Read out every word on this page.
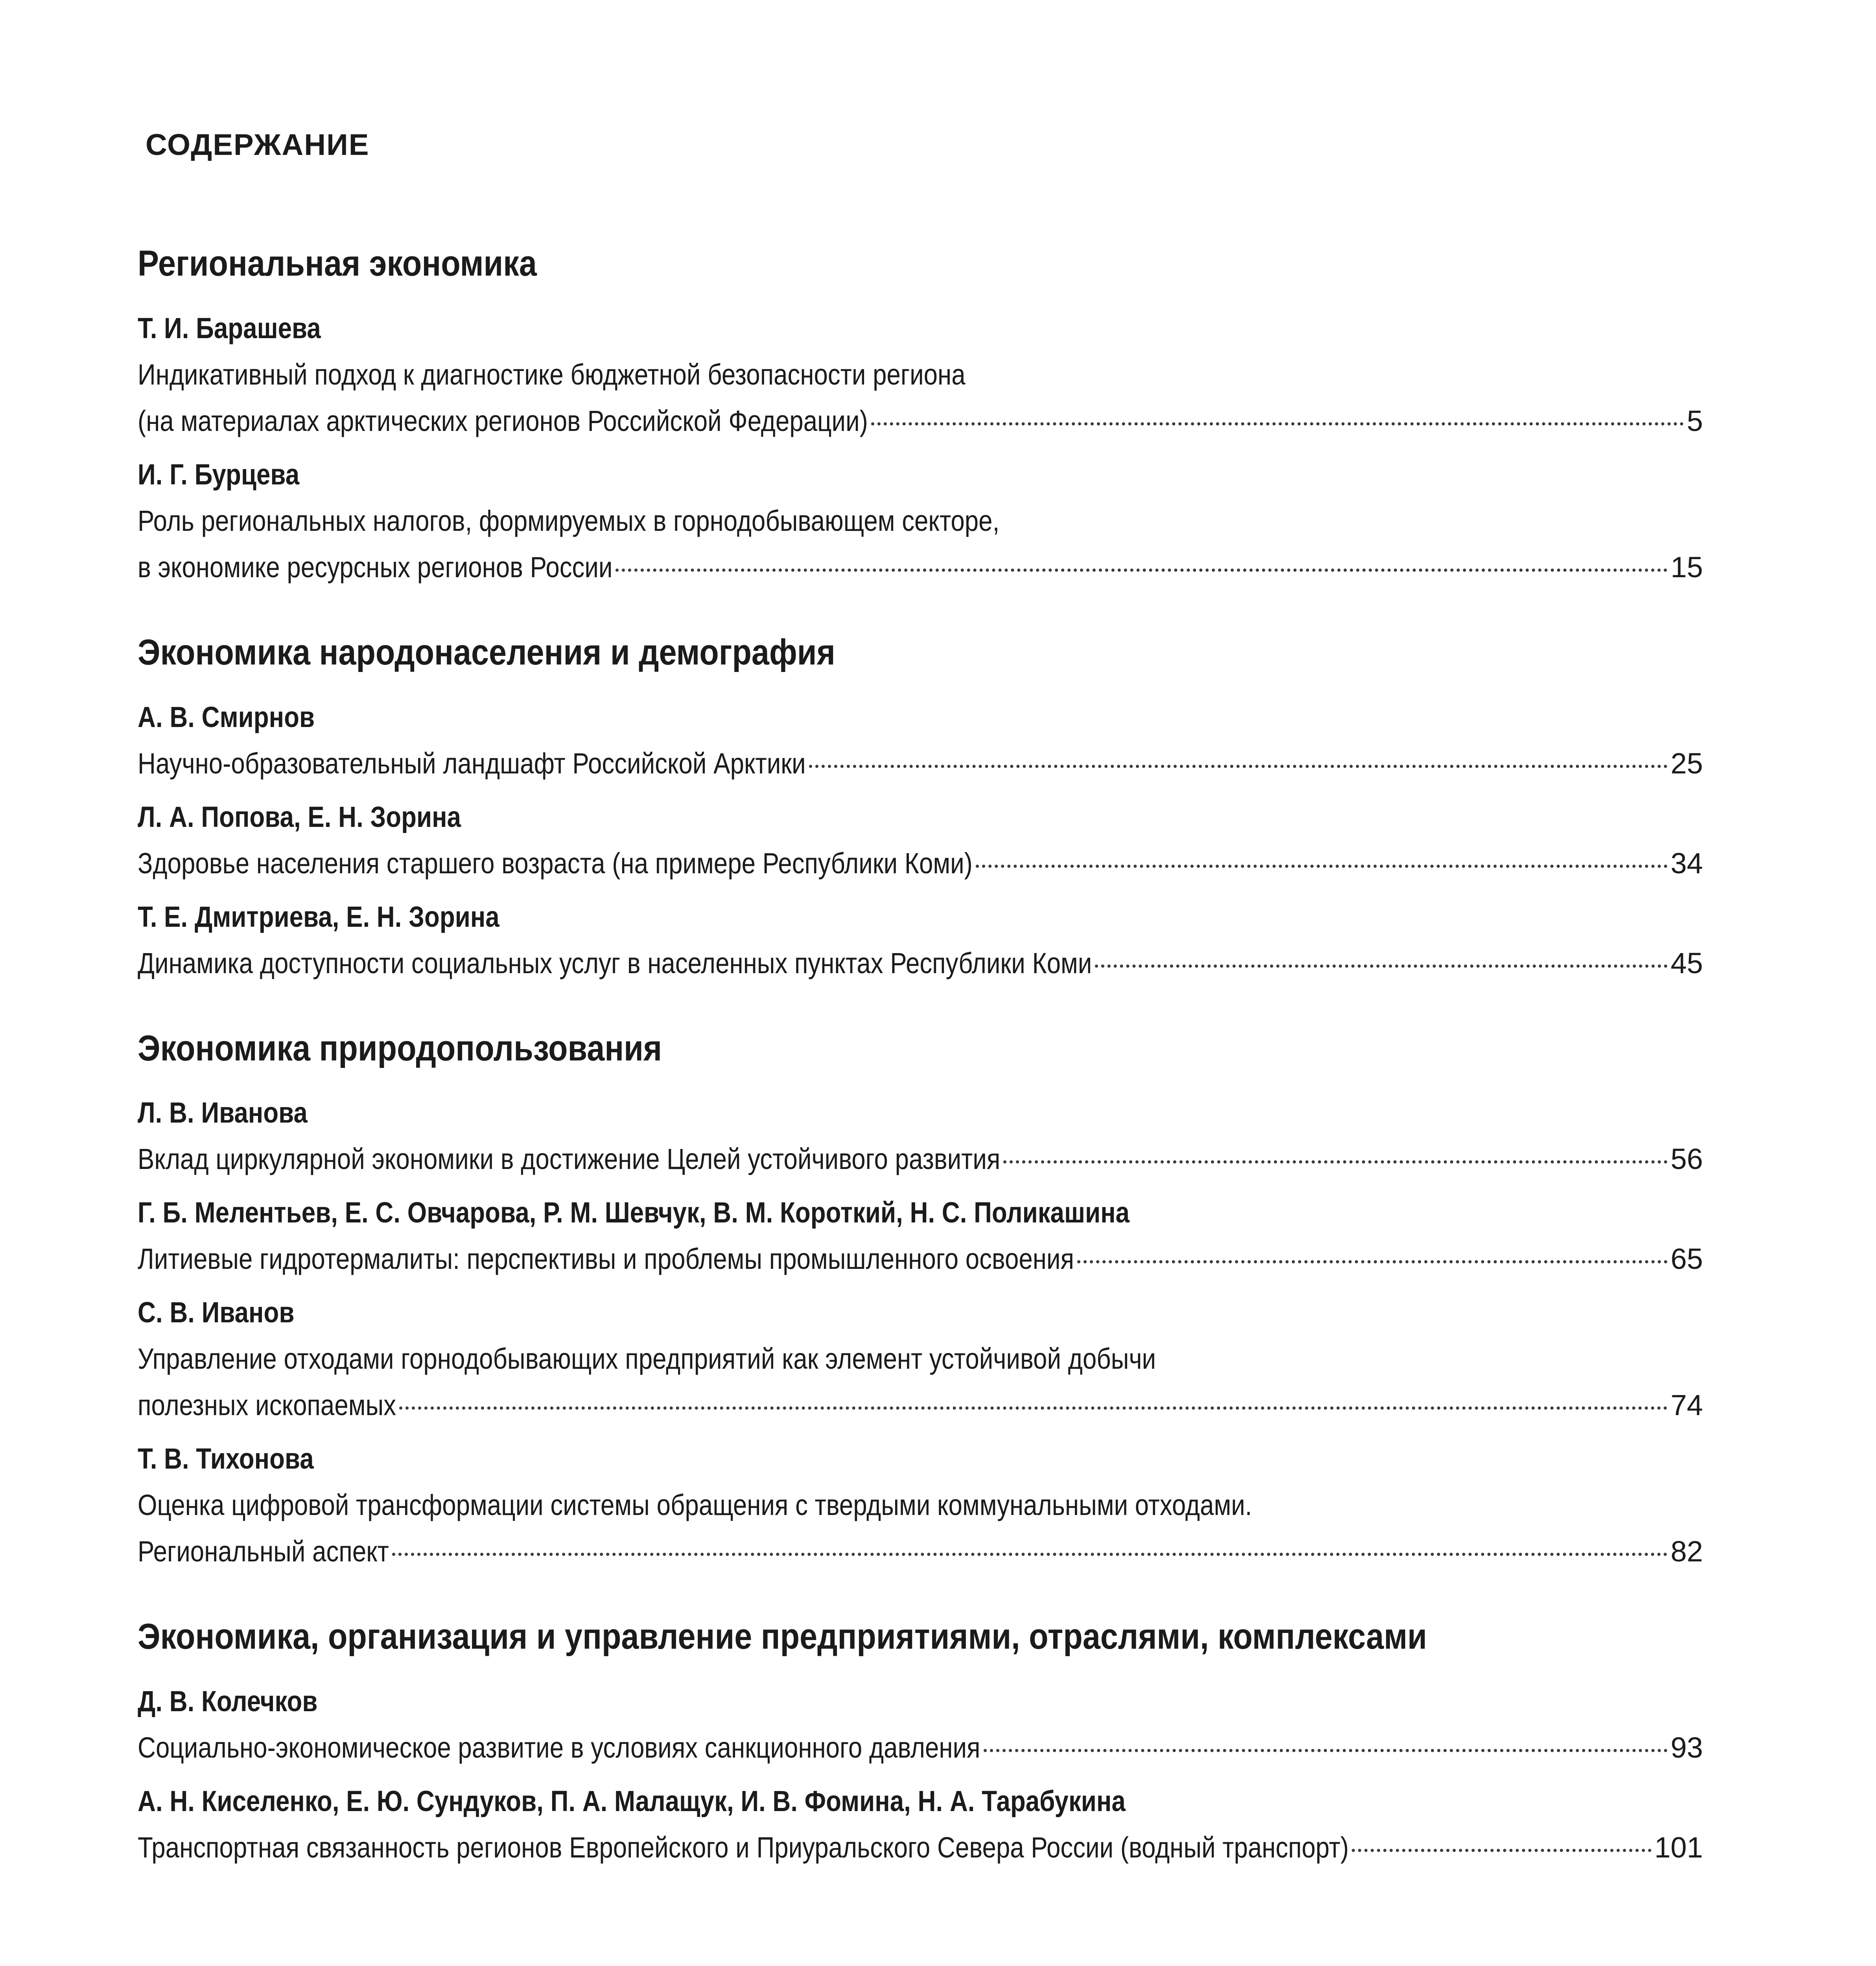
СОДЕРЖАНИЕ
Региональная экономика
Т. И. Барашева
Индикативный подход к диагностике бюджетной безопасности региона
(на материалах арктических регионов Российской Федерации)	5
И. Г. Бурцева
Роль региональных налогов, формируемых в горнодобывающем секторе,
в экономике ресурсных регионов России	15
Экономика народонаселения и демография
А. В. Смирнов
Научно-образовательный ландшафт Российской Арктики	25
Л. А. Попова, Е. Н. Зорина
Здоровье населения старшего возраста (на примере Республики Коми)	34
Т. Е. Дмитриева, Е. Н. Зорина
Динамика доступности социальных услуг в населенных пунктах Республики Коми	45
Экономика природопользования
Л. В. Иванова
Вклад циркулярной экономики в достижение Целей устойчивого развития	56
Г. Б. Мелентьев, Е. С. Овчарова, Р. М. Шевчук, В. М. Короткий, Н. С. Поликашина
Литиевые гидротермалиты: перспективы и проблемы промышленного освоения	65
С. В. Иванов
Управление отходами горнодобывающих предприятий как элемент устойчивой добычи
полезных ископаемых	74
Т. В. Тихонова
Оценка цифровой трансформации системы обращения с твердыми коммунальными отходами.
Региональный аспект	82
Экономика, организация и управление предприятиями, отраслями, комплексами
Д. В. Колечков
Социально-экономическое развитие в условиях санкционного давления	93
А. Н. Киселенко, Е. Ю. Сундуков, П. А. Малащук, И. В. Фомина, Н. А. Тарабукина
Транспортная связанность регионов Европейского и Приуральского Севера России (водный транспорт)	101
